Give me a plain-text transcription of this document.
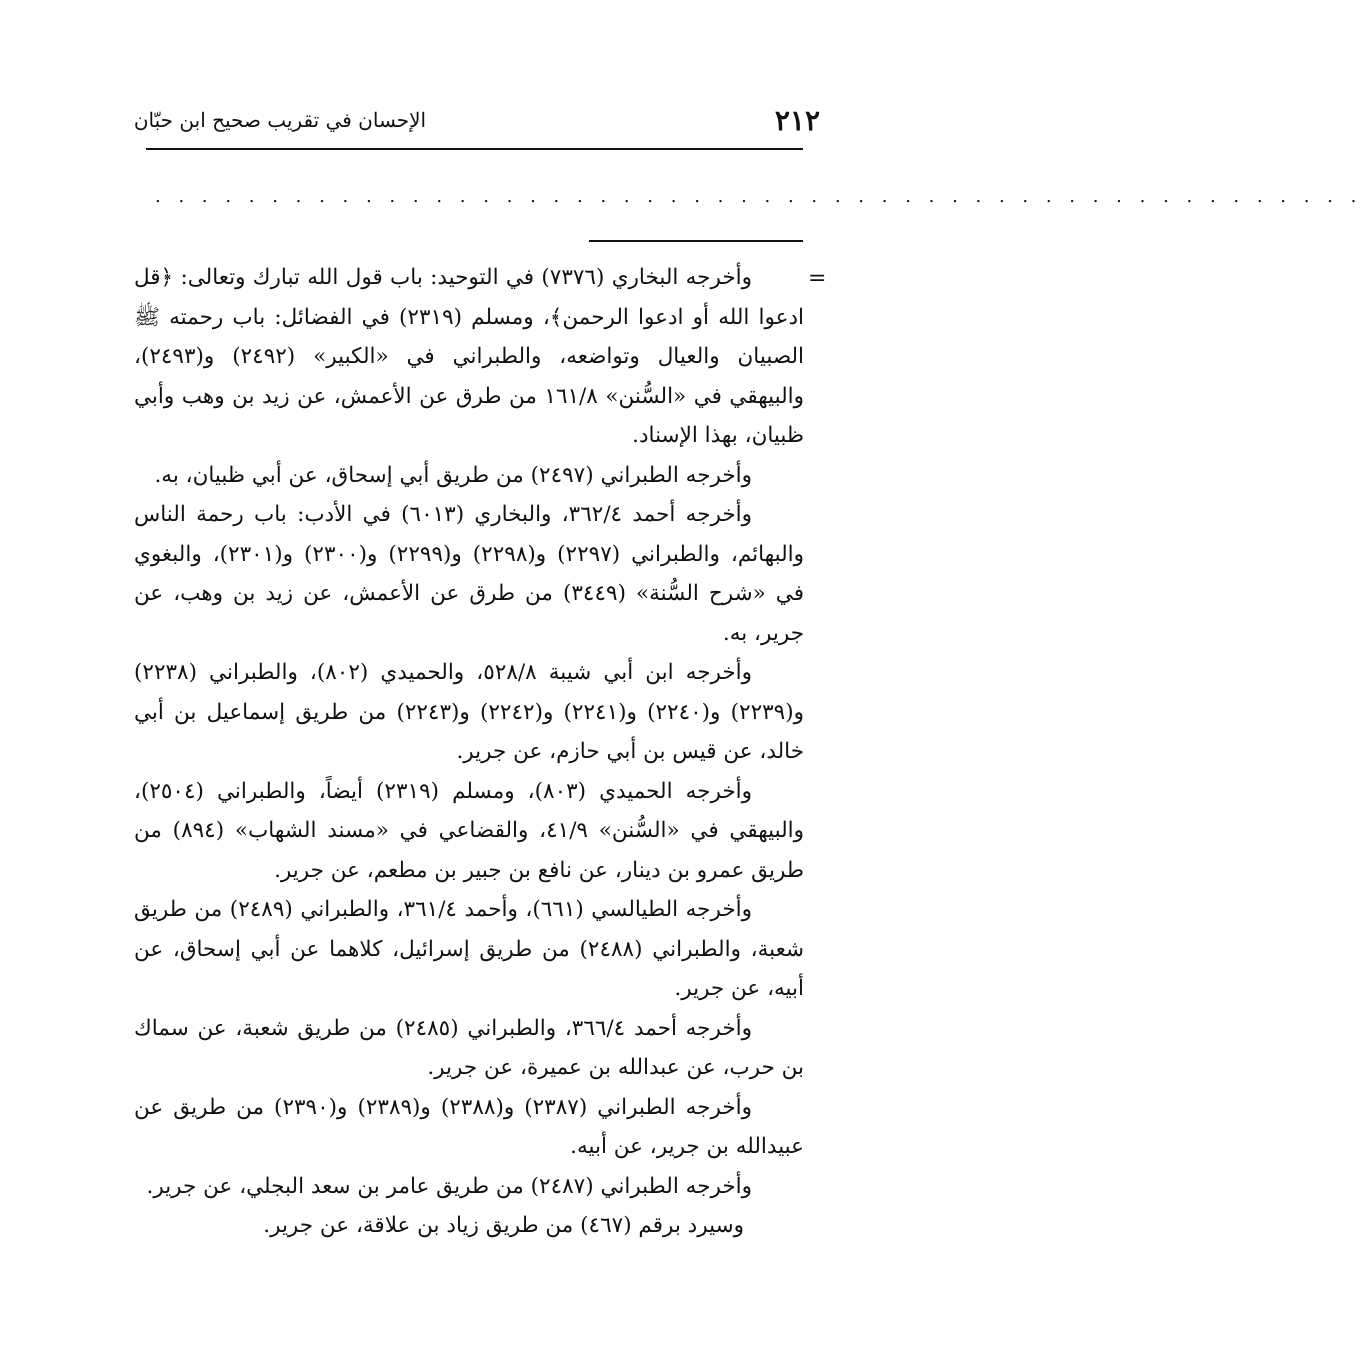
٢١٢
الإحسان في تقريب صحيح ابن حبّان
. . . . . . . . . . . . . . . . . . . . . . . . . . . . . . . . . . . . . . . . . . . . . . . . . . . .
=

وأخرجه البخاري (٧٣٧٦) في التوحيد: باب قول الله تبارك وتعالى: ﴿قل ادعوا الله أو ادعوا الرحمن﴾، ومسلم (٢٣١٩) في الفضائل: باب رحمته ﷺ الصبيان والعيال وتواضعه، والطبراني في «الكبير» (٢٤٩٢) و(٢٤٩٣)، والبيهقي في «السُّنن» ١٦١/٨ من طرق عن الأعمش، عن زيد بن وهب وأبي ظبيان، بهذا الإسناد.

وأخرجه الطبراني (٢٤٩٧) من طريق أبي إسحاق، عن أبي ظبيان، به.

وأخرجه أحمد ٣٦٢/٤، والبخاري (٦٠١٣) في الأدب: باب رحمة الناس والبهائم، والطبراني (٢٢٩٧) و(٢٢٩٨) و(٢٢٩٩) و(٢٣٠٠) و(٢٣٠١)، والبغوي في «شرح السُّنة» (٣٤٤٩) من طرق عن الأعمش، عن زيد بن وهب، عن جرير، به.

وأخرجه ابن أبي شيبة ٥٢٨/٨، والحميدي (٨٠٢)، والطبراني (٢٢٣٨) و(٢٢٣٩) و(٢٢٤٠) و(٢٢٤١) و(٢٢٤٢) و(٢٢٤٣) من طريق إسماعيل بن أبي خالد، عن قيس بن أبي حازم، عن جرير.

وأخرجه الحميدي (٨٠٣)، ومسلم (٢٣١٩) أيضاً، والطبراني (٢٥٠٤)، والبيهقي في «السُّنن» ٤١/٩، والقضاعي في «مسند الشهاب» (٨٩٤) من طريق عمرو بن دينار، عن نافع بن جبير بن مطعم، عن جرير.

وأخرجه الطيالسي (٦٦١)، وأحمد ٣٦١/٤، والطبراني (٢٤٨٩) من طريق شعبة، والطبراني (٢٤٨٨) من طريق إسرائيل، كلاهما عن أبي إسحاق، عن أبيه، عن جرير.

وأخرجه أحمد ٣٦٦/٤، والطبراني (٢٤٨٥) من طريق شعبة، عن سماك بن حرب، عن عبدالله بن عميرة، عن جرير.

وأخرجه الطبراني (٢٣٨٧) و(٢٣٨٨) و(٢٣٨٩) و(٢٣٩٠) من طريق عن عبيدالله بن جرير، عن أبيه.

وأخرجه الطبراني (٢٤٨٧) من طريق عامر بن سعد البجلي، عن جرير.

وسيرد برقم (٤٦٧) من طريق زياد بن علاقة، عن جرير.
